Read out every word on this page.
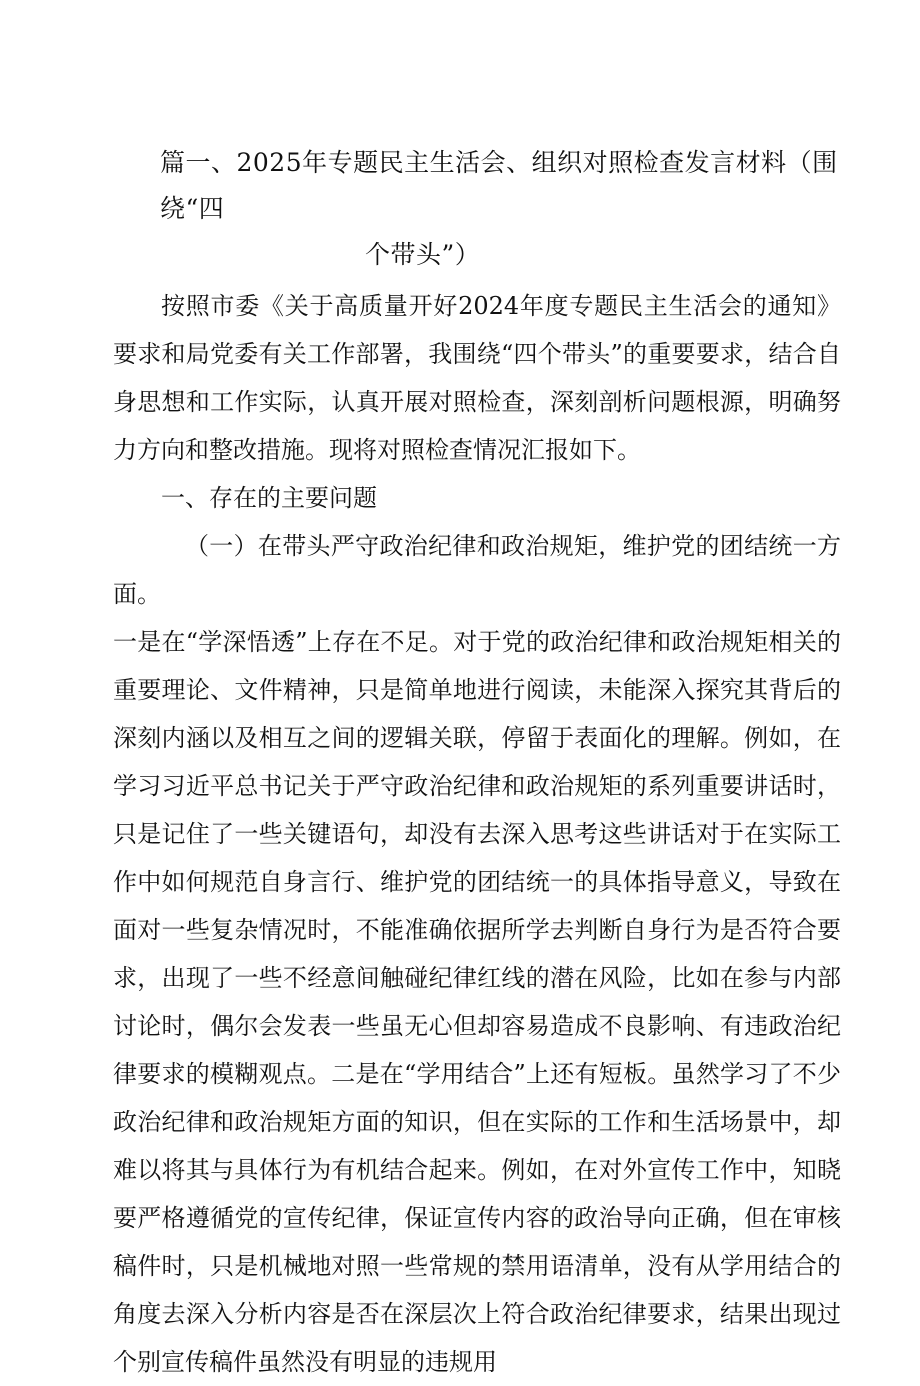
篇一、2025年专题民主生活会、组织对照检查发言材料（围绕“四
个带头”）

按照市委《关于高质量开好2024年度专题民主生活会的通知》要求和局党委有关工作部署，我围绕“四个带头”的重要要求，结合自身思想和工作实际，认真开展对照检查，深刻剖析问题根源，明确努力方向和整改措施。现将对照检查情况汇报如下。

一、存在的主要问题

（一）在带头严守政治纪律和政治规矩，维护党的团结统一方面。

一是在“学深悟透”上存在不足。对于党的政治纪律和政治规矩相关的重要理论、文件精神，只是简单地进行阅读，未能深入探究其背后的深刻内涵以及相互之间的逻辑关联，停留于表面化的理解。例如，在学习习近平总书记关于严守政治纪律和政治规矩的系列重要讲话时，只是记住了一些关键语句，却没有去深入思考这些讲话对于在实际工作中如何规范自身言行、维护党的团结统一的具体指导意义，导致在面对一些复杂情况时，不能准确依据所学去判断自身行为是否符合要求，出现了一些不经意间触碰纪律红线的潜在风险，比如在参与内部讨论时，偶尔会发表一些虽无心但却容易造成不良影响、有违政治纪律要求的模糊观点。二是在“学用结合”上还有短板。虽然学习了不少政治纪律和政治规矩方面的知识，但在实际的工作和生活场景中，却难以将其与具体行为有机结合起来。例如，在对外宣传工作中，知晓要严格遵循党的宣传纪律，保证宣传内容的政治导向正确，但在审核稿件时，只是机械地对照一些常规的禁用语清单，没有从学用结合的角度去深入分析内容是否在深层次上符合政治纪律要求，结果出现过个别宣传稿件虽然没有明显的违规用
